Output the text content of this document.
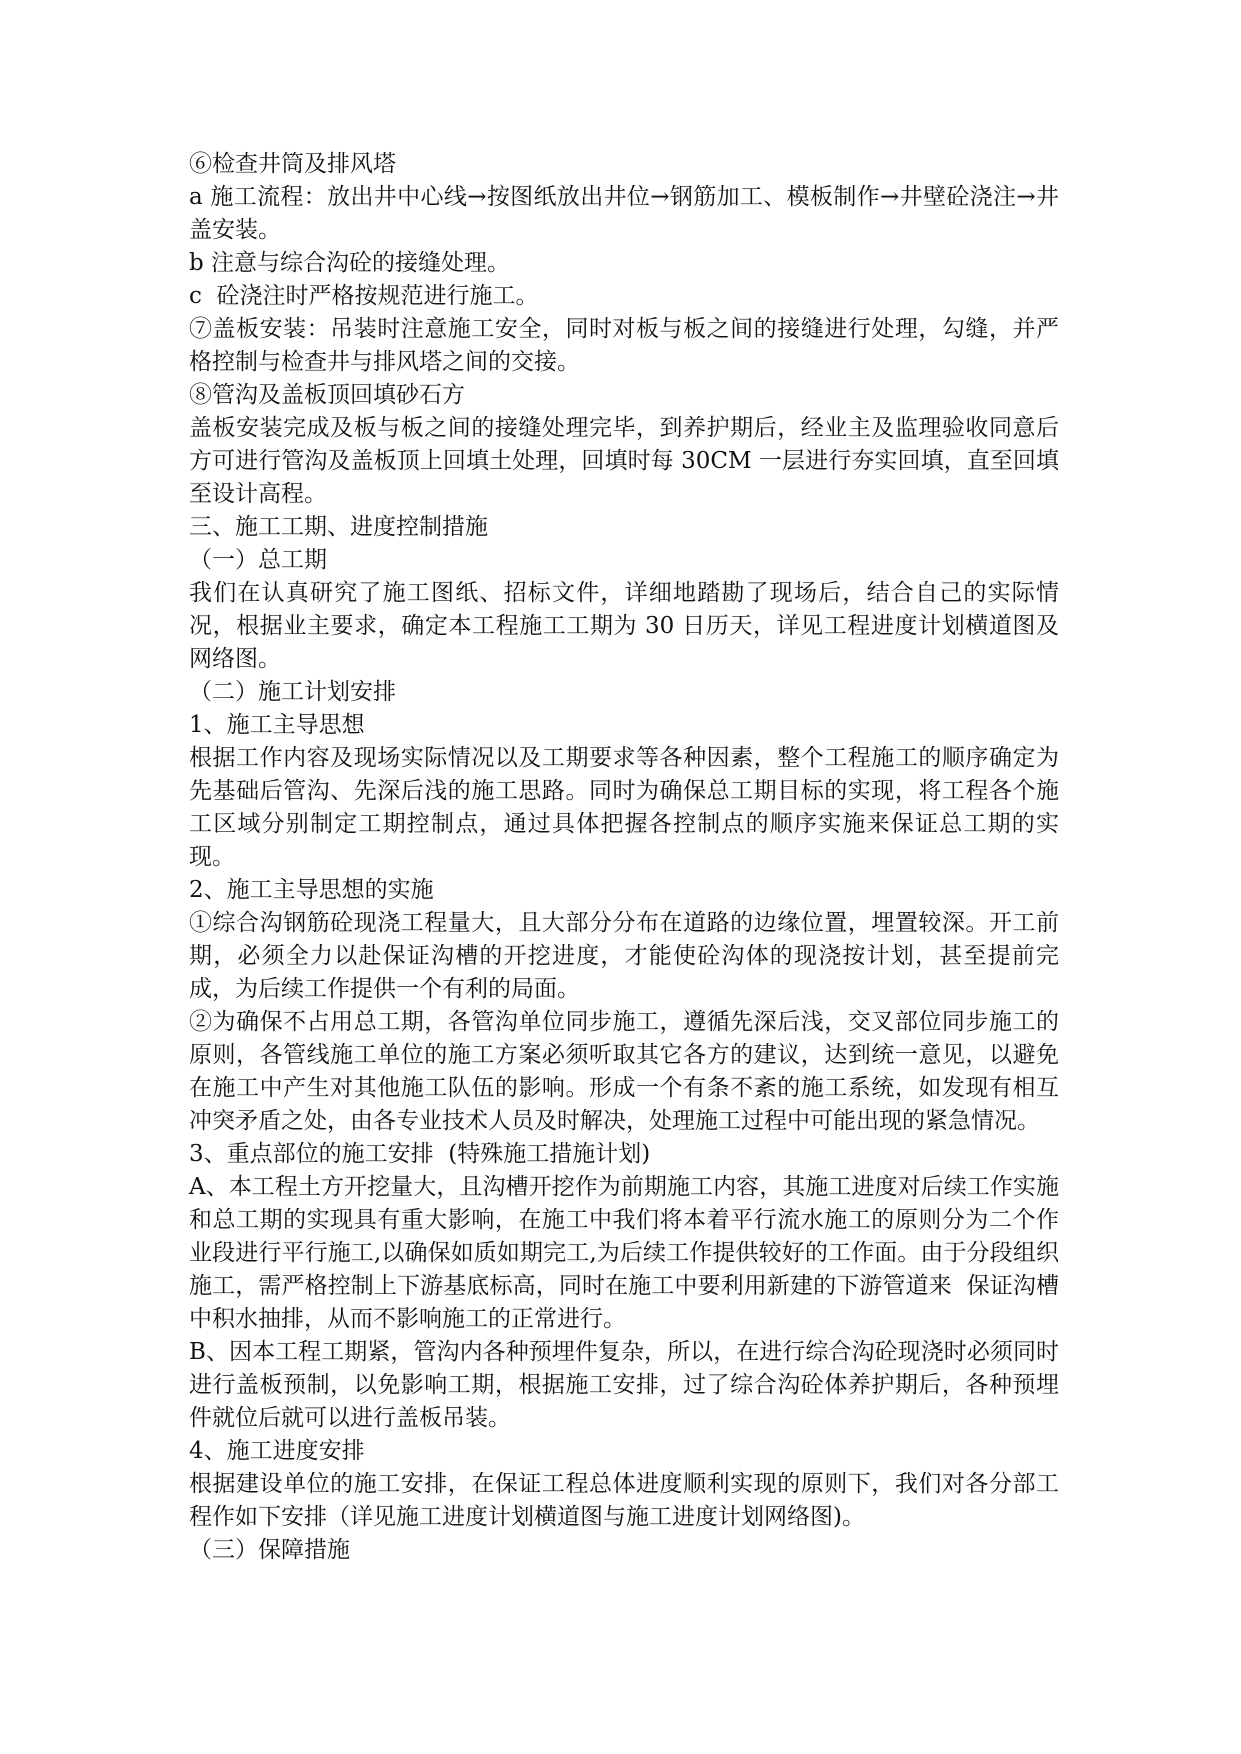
⑥检查井筒及排风塔

a 施工流程：放出井中心线→按图纸放出井位→钢筋加工、模板制作→井壁砼浇注→井盖安装。

b 注意与综合沟砼的接缝处理。

c  砼浇注时严格按规范进行施工。

⑦盖板安装：吊装时注意施工安全，同时对板与板之间的接缝进行处理，勾缝，并严格控制与检查井与排风塔之间的交接。

⑧管沟及盖板顶回填砂石方

盖板安装完成及板与板之间的接缝处理完毕，到养护期后，经业主及监理验收同意后方可进行管沟及盖板顶上回填土处理，回填时每 30CM 一层进行夯实回填，直至回填至设计高程。

三、施工工期、进度控制措施

（一）总工期

我们在认真研究了施工图纸、招标文件，详细地踏勘了现场后，结合自己的实际情况，根据业主要求，确定本工程施工工期为 30 日历天，详见工程进度计划横道图及网络图。

（二）施工计划安排

1、施工主导思想

根据工作内容及现场实际情况以及工期要求等各种因素，整个工程施工的顺序确定为先基础后管沟、先深后浅的施工思路。同时为确保总工期目标的实现，将工程各个施工区域分别制定工期控制点，通过具体把握各控制点的顺序实施来保证总工期的实现。

2、施工主导思想的实施

①综合沟钢筋砼现浇工程量大，且大部分分布在道路的边缘位置，埋置较深。开工前期，必须全力以赴保证沟槽的开挖进度，才能使砼沟体的现浇按计划，甚至提前完成，为后续工作提供一个有利的局面。

②为确保不占用总工期，各管沟单位同步施工，遵循先深后浅，交叉部位同步施工的原则，各管线施工单位的施工方案必须听取其它各方的建议，达到统一意见，以避免在施工中产生对其他施工队伍的影响。形成一个有条不紊的施工系统，如发现有相互冲突矛盾之处，由各专业技术人员及时解决，处理施工过程中可能出现的紧急情况。

3、重点部位的施工安排  (特殊施工措施计划)

A、本工程土方开挖量大，且沟槽开挖作为前期施工内容，其施工进度对后续工作实施和总工期的实现具有重大影响，在施工中我们将本着平行流水施工的原则分为二个作业段进行平行施工,以确保如质如期完工,为后续工作提供较好的工作面。由于分段组织施工，需严格控制上下游基底标高，同时在施工中要利用新建的下游管道来  保证沟槽中积水抽排，从而不影响施工的正常进行。

B、因本工程工期紧，管沟内各种预埋件复杂，所以，在进行综合沟砼现浇时必须同时进行盖板预制，以免影响工期，根据施工安排，过了综合沟砼体养护期后，各种预埋件就位后就可以进行盖板吊装。

4、施工进度安排

根据建设单位的施工安排，在保证工程总体进度顺利实现的原则下，我们对各分部工程作如下安排（详见施工进度计划横道图与施工进度计划网络图)。

（三）保障措施
